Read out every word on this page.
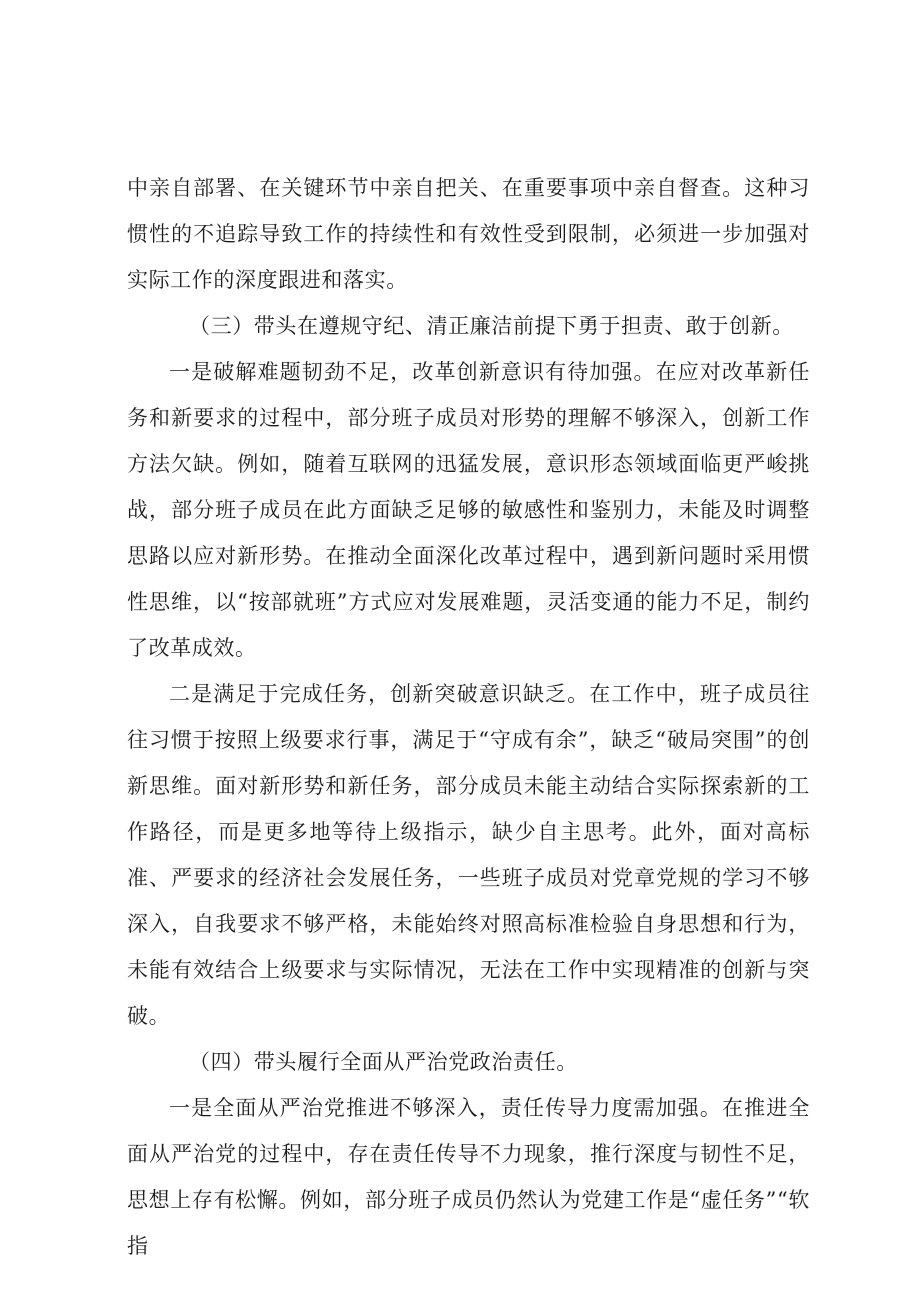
中亲自部署、在关键环节中亲自把关、在重要事项中亲自督查。这种习惯性的不追踪导致工作的持续性和有效性受到限制，必须进一步加强对实际工作的深度跟进和落实。

（三）带头在遵规守纪、清正廉洁前提下勇于担责、敢于创新。

一是破解难题韧劲不足，改革创新意识有待加强。在应对改革新任务和新要求的过程中，部分班子成员对形势的理解不够深入，创新工作方法欠缺。例如，随着互联网的迅猛发展，意识形态领域面临更严峻挑战，部分班子成员在此方面缺乏足够的敏感性和鉴别力，未能及时调整思路以应对新形势。在推动全面深化改革过程中，遇到新问题时采用惯性思维，以“按部就班”方式应对发展难题，灵活变通的能力不足，制约了改革成效。

二是满足于完成任务，创新突破意识缺乏。在工作中，班子成员往往习惯于按照上级要求行事，满足于“守成有余”，缺乏“破局突围”的创新思维。面对新形势和新任务，部分成员未能主动结合实际探索新的工作路径，而是更多地等待上级指示，缺少自主思考。此外，面对高标准、严要求的经济社会发展任务，一些班子成员对党章党规的学习不够深入，自我要求不够严格，未能始终对照高标准检验自身思想和行为，未能有效结合上级要求与实际情况，无法在工作中实现精准的创新与突破。

（四）带头履行全面从严治党政治责任。

一是全面从严治党推进不够深入，责任传导力度需加强。在推进全面从严治党的过程中，存在责任传导不力现象，推行深度与韧性不足，思想上存有松懈。例如，部分班子成员仍然认为党建工作是“虚任务”“软指
